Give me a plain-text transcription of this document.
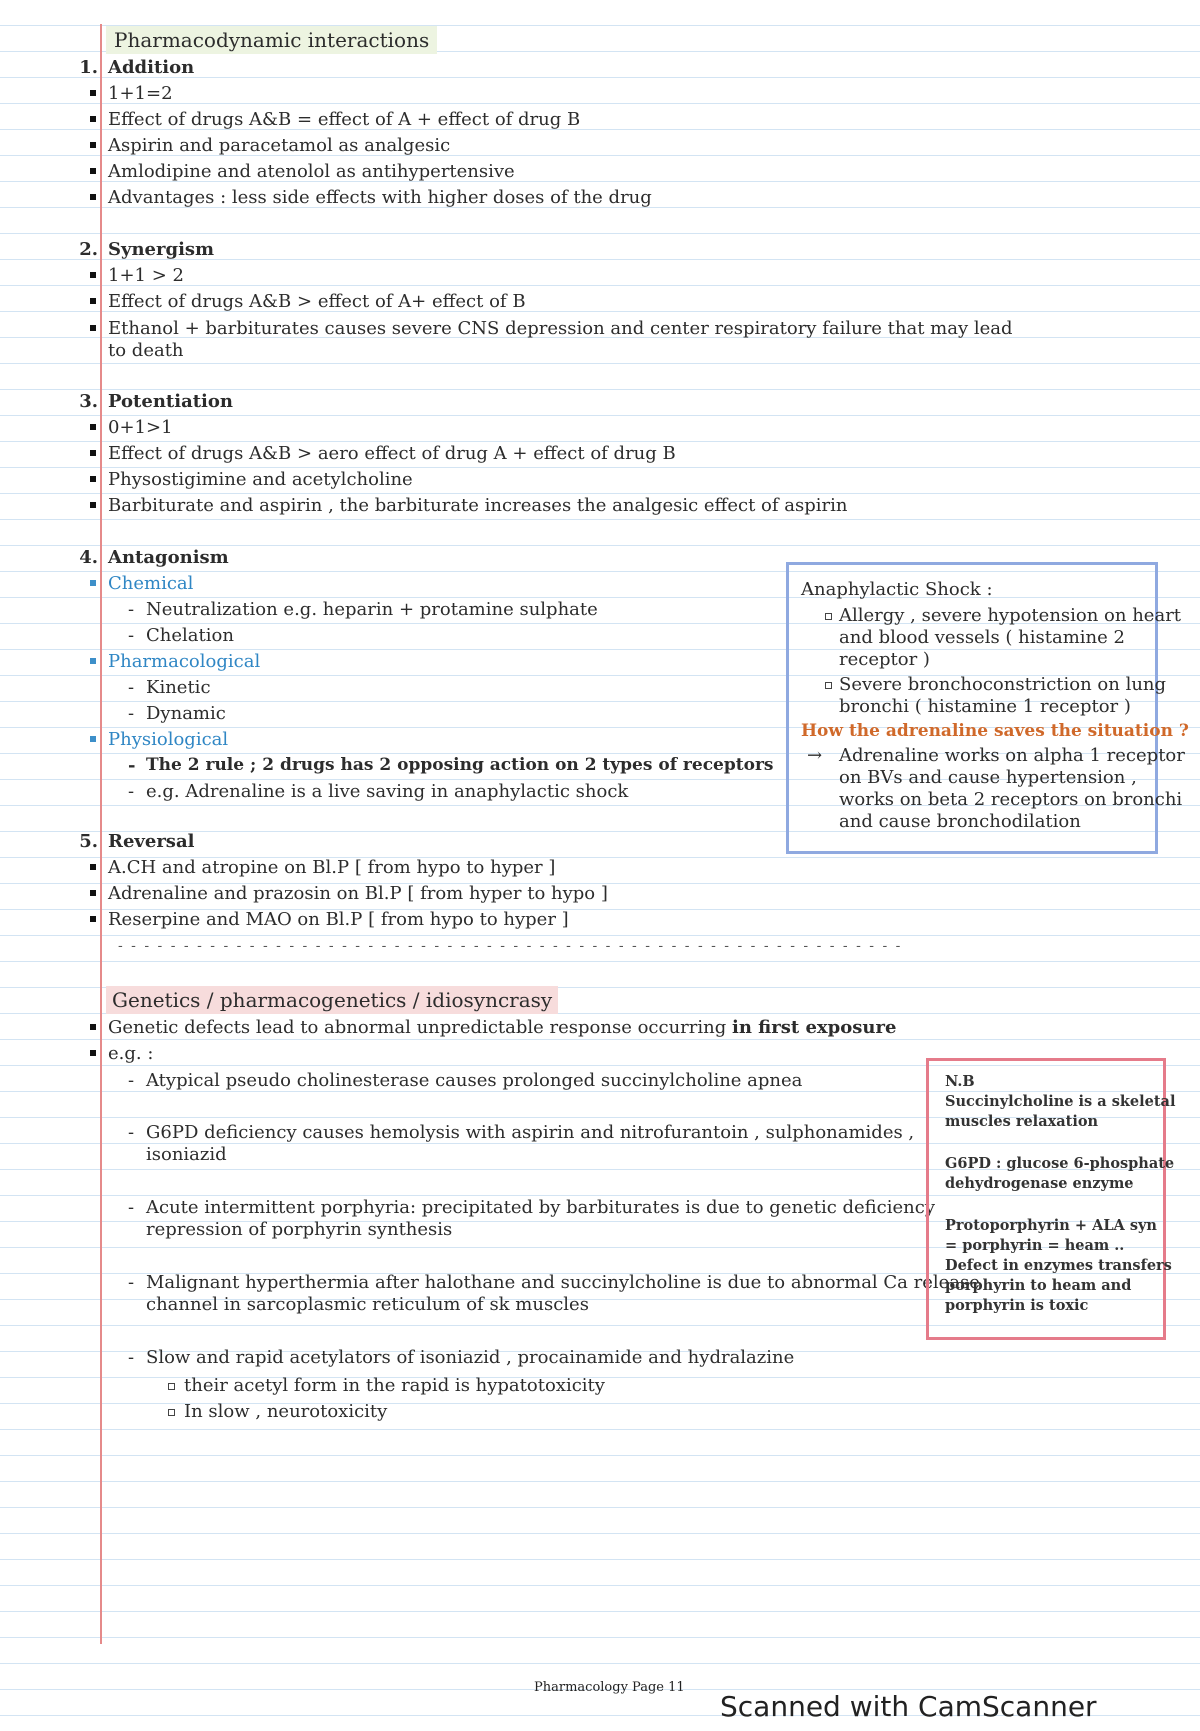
Pharmacodynamic interactions
1. Addition
1+1=2
Effect of drugs A&B = effect of A + effect of drug B
Aspirin and paracetamol as analgesic
Amlodipine and atenolol as antihypertensive
Advantages : less side effects with higher doses of the drug
2. Synergism
1+1 > 2
Effect of drugs A&B > effect of A+ effect of B
Ethanol + barbiturates causes severe CNS depression and center respiratory failure that may lead
to death
3. Potentiation
0+1>1
Effect of drugs A&B > aero effect of drug A + effect of drug B
Physostigimine and acetylcholine
Barbiturate and aspirin , the barbiturate increases the analgesic effect of aspirin
4. Antagonism
Chemical
- Neutralization e.g. heparin + protamine sulphate
- Chelation
Pharmacological
- Kinetic
- Dynamic
Physiological
- The 2 rule ; 2 drugs has 2 opposing action on 2 types of receptors
- e.g. Adrenaline is a live saving in anaphylactic shock
5. Reversal
A.CH and atropine on Bl.P [ from hypo to hyper ]
Adrenaline and prazosin on Bl.P [ from hyper to hypo ]
Reserpine and MAO on Bl.P [ from hypo to hyper ]
- - - - - - - - - - - - - - - - - - - - - - - - - - - - - - - - - - - - - - - - - - - - - - - - - - - - - - - - - - - -
Anaphylactic Shock :
Allergy , severe hypotension on heart
and blood vessels ( histamine 2
receptor )
Severe bronchoconstriction on lung
bronchi ( histamine 1 receptor )
How the adrenaline saves the situation ?
→ Adrenaline works on alpha 1 receptor
on BVs and cause hypertension ,
works on beta 2 receptors on bronchi
and cause bronchodilation
Genetics / pharmacogenetics / idiosyncrasy
Genetic defects lead to abnormal unpredictable response occurring in first exposure
e.g. :
- Atypical pseudo cholinesterase causes prolonged succinylcholine apnea
- G6PD deficiency causes hemolysis with aspirin and nitrofurantoin , sulphonamides ,
isoniazid
- Acute intermittent porphyria: precipitated by barbiturates is due to genetic deficiency
repression of porphyrin synthesis
- Malignant hyperthermia after halothane and succinylcholine is due to abnormal Ca release
channel in sarcoplasmic reticulum of sk muscles
- Slow and rapid acetylators of isoniazid , procainamide and hydralazine
their acetyl form in the rapid is hypatotoxicity
In slow , neurotoxicity
N.B
Succinylcholine is a skeletal
muscles relaxation
G6PD : glucose 6-phosphate
dehydrogenase enzyme
Protoporphyrin + ALA syn
= porphyrin = heam ..
Defect in enzymes transfers
porphyrin to heam and
porphyrin is toxic
Pharmacology Page 11
Scanned with CamScanner
